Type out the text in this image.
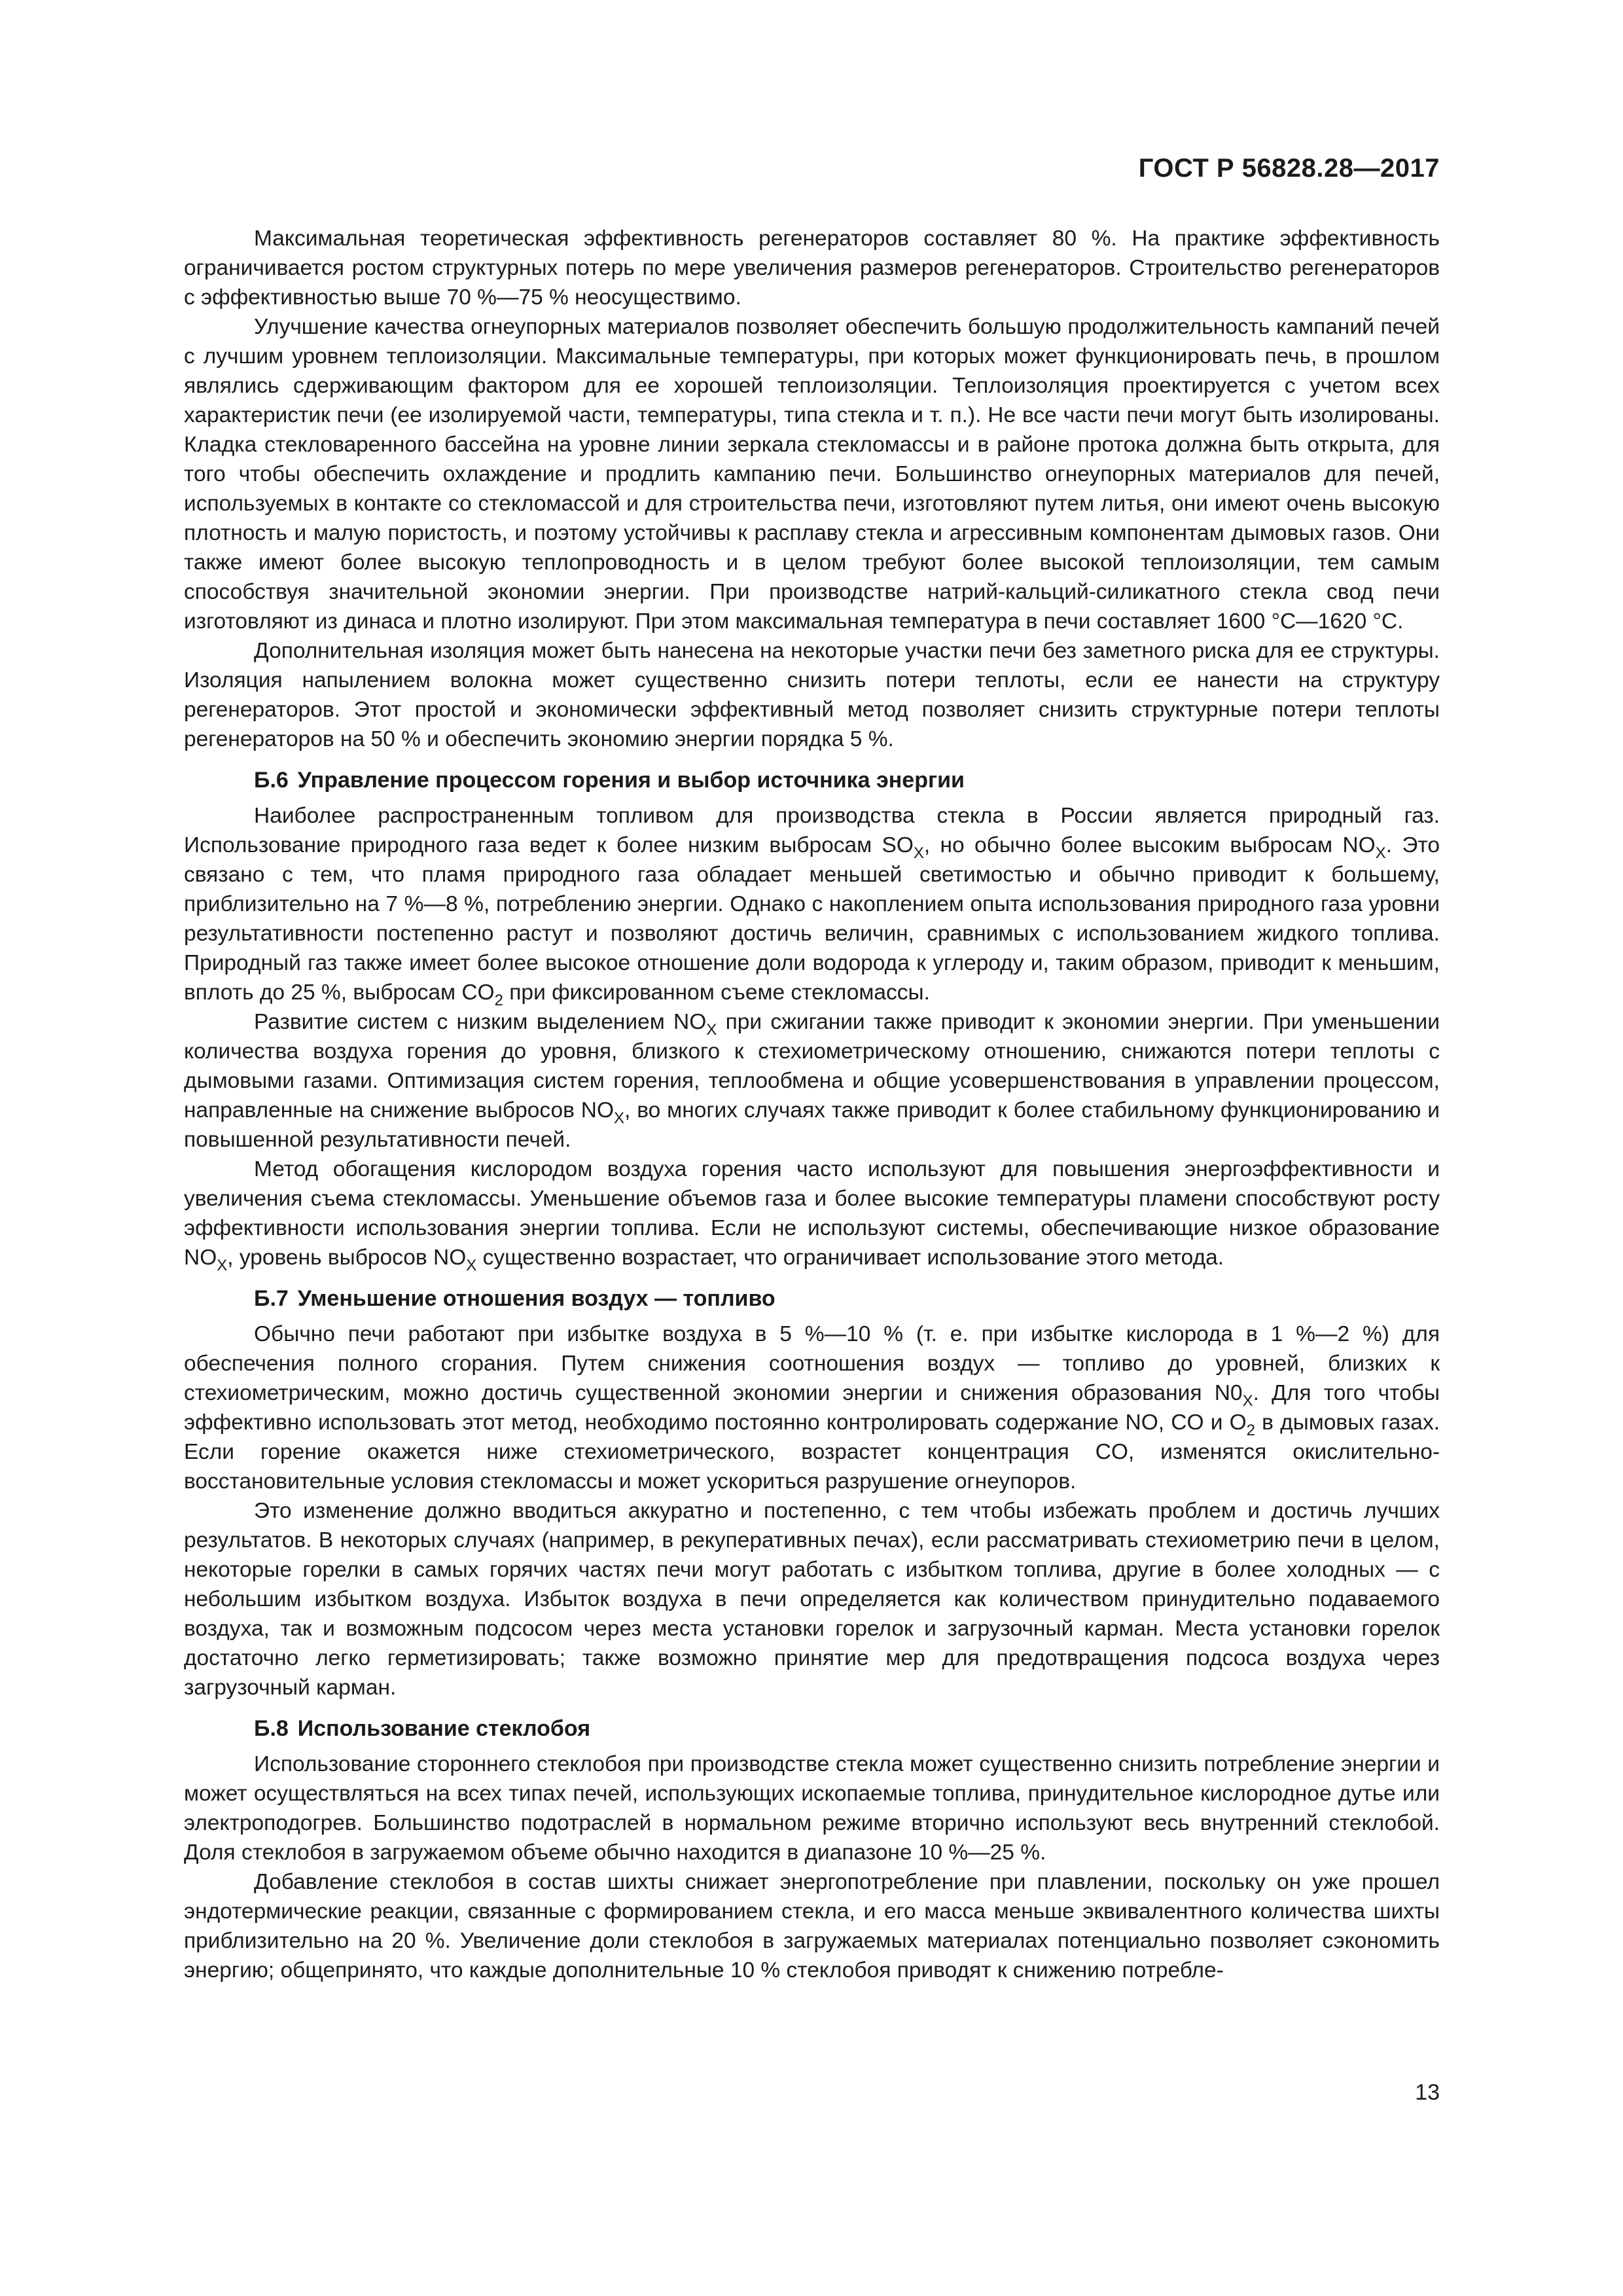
ГОСТ Р 56828.28—2017

Максимальная теоретическая эффективность регенераторов составляет 80 %. На практике эффективность ограничивается ростом структурных потерь по мере увеличения размеров регенераторов. Строительство регенераторов с эффективностью выше 70 %—75 % неосуществимо.

Улучшение качества огнеупорных материалов позволяет обеспечить большую продолжительность кампаний печей с лучшим уровнем теплоизоляции. Максимальные температуры, при которых может функционировать печь, в прошлом являлись сдерживающим фактором для ее хорошей теплоизоляции. Теплоизоляция проектируется с учетом всех характеристик печи (ее изолируемой части, температуры, типа стекла и т. п.). Не все части печи могут быть изолированы. Кладка стекловаренного бассейна на уровне линии зеркала стекломассы и в районе протока должна быть открыта, для того чтобы обеспечить охлаждение и продлить кампанию печи. Большинство огнеупорных материалов для печей, используемых в контакте со стекломассой и для строительства печи, изготовляют путем литья, они имеют очень высокую плотность и малую пористость, и поэтому устойчивы к расплаву стекла и агрессивным компонентам дымовых газов. Они также имеют более высокую теплопроводность и в целом требуют более высокой теплоизоляции, тем самым способствуя значительной экономии энергии. При производстве натрий-кальций-силикатного стекла свод печи изготовляют из динаса и плотно изолируют. При этом максимальная температура в печи составляет 1600 °С—1620 °С.

Дополнительная изоляция может быть нанесена на некоторые участки печи без заметного риска для ее структуры. Изоляция напылением волокна может существенно снизить потери теплоты, если ее нанести на структуру регенераторов. Этот простой и экономически эффективный метод позволяет снизить структурные потери теплоты регенераторов на 50 % и обеспечить экономию энергии порядка 5 %.

Б.6 Управление процессом горения и выбор источника энергии

Наиболее распространенным топливом для производства стекла в России является природный газ. Использование природного газа ведет к более низким выбросам $SO_X$, но обычно более высоким выбросам $NO_X$. Это связано с тем, что пламя природного газа обладает меньшей светимостью и обычно приводит к большему, приблизительно на 7 %—8 %, потреблению энергии. Однако с накоплением опыта использования природного газа уровни результативности постепенно растут и позволяют достичь величин, сравнимых с использованием жидкого топлива. Природный газ также имеет более высокое отношение доли водорода к углероду и, таким образом, приводит к меньшим, вплоть до 25 %, выбросам $CO_2$ при фиксированном съеме стекломассы.

Развитие систем с низким выделением $NO_X$ при сжигании также приводит к экономии энергии. При уменьшении количества воздуха горения до уровня, близкого к стехиометрическому отношению, снижаются потери теплоты с дымовыми газами. Оптимизация систем горения, теплообмена и общие усовершенствования в управлении процессом, направленные на снижение выбросов $NO_X$, во многих случаях также приводит к более стабильному функционированию и повышенной результативности печей.

Метод обогащения кислородом воздуха горения часто используют для повышения энергоэффективности и увеличения съема стекломассы. Уменьшение объемов газа и более высокие температуры пламени способствуют росту эффективности использования энергии топлива. Если не используют системы, обеспечивающие низкое образование $NO_X$, уровень выбросов $NO_X$ существенно возрастает, что ограничивает использование этого метода.

Б.7 Уменьшение отношения воздух — топливо

Обычно печи работают при избытке воздуха в 5 %—10 % (т. е. при избытке кислорода в 1 %—2 %) для обеспечения полного сгорания. Путем снижения соотношения воздух — топливо до уровней, близких к стехиометрическим, можно достичь существенной экономии энергии и снижения образования $N0_X$. Для того чтобы эффективно использовать этот метод, необходимо постоянно контролировать содержание NO, CO и $O_2$ в дымовых газах. Если горение окажется ниже стехиометрического, возрастет концентрация CO, изменятся окислительно-восстановительные условия стекломассы и может ускориться разрушение огнеупоров.

Это изменение должно вводиться аккуратно и постепенно, с тем чтобы избежать проблем и достичь лучших результатов. В некоторых случаях (например, в рекуперативных печах), если рассматривать стехиометрию печи в целом, некоторые горелки в самых горячих частях печи могут работать с избытком топлива, другие в более холодных — с небольшим избытком воздуха. Избыток воздуха в печи определяется как количеством принудительно подаваемого воздуха, так и возможным подсосом через места установки горелок и загрузочный карман. Места установки горелок достаточно легко герметизировать; также возможно принятие мер для предотвращения подсоса воздуха через загрузочный карман.

Б.8 Использование стеклобоя

Использование стороннего стеклобоя при производстве стекла может существенно снизить потребление энергии и может осуществляться на всех типах печей, использующих ископаемые топлива, принудительное кислородное дутье или электроподогрев. Большинство подотраслей в нормальном режиме вторично используют весь внутренний стеклобой. Доля стеклобоя в загружаемом объеме обычно находится в диапазоне 10 %—25 %.

Добавление стеклобоя в состав шихты снижает энергопотребление при плавлении, поскольку он уже прошел эндотермические реакции, связанные с формированием стекла, и его масса меньше эквивалентного количества шихты приблизительно на 20 %. Увеличение доли стеклобоя в загружаемых материалах потенциально позволяет сэкономить энергию; общепринято, что каждые дополнительные 10 % стеклобоя приводят к снижению потребле-

13
